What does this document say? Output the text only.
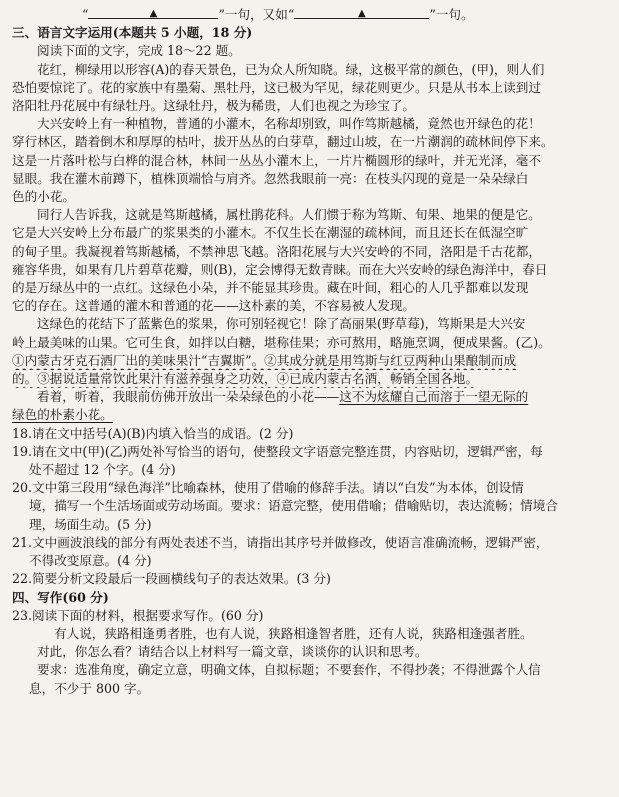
“	▲	”一句，又如“	▲	”一句。
三、语言文字运用(本题共 5 小题，18 分)
阅读下面的文字，完成 18～22 题。
花红，柳绿用以形容(A)的春天景色，已为众人所知晓。绿，这极平常的颜色，(甲)，则人们
恐怕要惊诧了。花的家族中有墨菊、黑牡丹，这已极为罕见，绿花则更少。只是从书本上读到过
洛阳牡丹花展中有绿牡丹。这绿牡丹，极为稀贵，人们也视之为珍宝了。
大兴安岭上有一种植物，普通的小灌木，名称却别致，叫作笃斯越橘，竟然也开绿色的花！
穿行林区，踏着倒木和厚厚的枯叶，拔开丛丛的白芽草，翻过山坡，在一片潮润的疏林间停下来。
这是一片落叶松与白桦的混合林，林间一丛丛小灌木上，一片片椭圆形的绿叶，并无光泽，毫不
显眼。我在灌木前蹲下，植株顶端恰与肩齐。忽然我眼前一亮：在枝头闪现的竟是一朵朵绿白
色的小花。
同行人告诉我，这就是笃斯越橘，属杜鹃花科。人们惯于称为笃斯、旬果、地果的便是它。
它是大兴安岭上分布最广的浆果类的小灌木。不仅生长在潮湿的疏林间，而且还长在低湿空旷
的甸子里。我凝视着笃斯越橘，不禁神思飞越。洛阳花展与大兴安岭的不同，洛阳是千古花都，
雍容华贵，如果有几片碧草花瓣，则(B)，定会博得无数青睐。而在大兴安岭的绿色海洋中，春日
的是万绿丛中的一点红。这绿色小朵，并不能显其珍贵。藏在叶间，粗心的人几乎都难以发现
它的存在。这普通的灌木和普通的花——这朴素的美，不容易被人发现。
这绿色的花结下了蓝紫色的浆果，你可别轻视它！除了高丽果(野草莓)，笃斯果是大兴安
岭上最美味的山果。它可生食，如拌以白糖，堪称佳果；亦可熬用，略施烹调，便成果酱。(乙)。
①内蒙古牙克石酒厂出的美味果汁“吉翼斯”。②其成分就是用笃斯与红豆两种山果酿制而成
的。③据说适量常饮此果汁有滋养强身之功效，④已成内蒙古名酒，畅销全国各地。
看着，听着，我眼前仿佛开放出一朵朵绿色的小花——这不为炫耀自己而溶于一望无际的
绿色的朴素小花。
18.请在文中括号(A)(B)内填入恰当的成语。(2 分)
19.请在文中(甲)(乙)两处补写恰当的语句，使整段文字语意完整连贯，内容贴切，逻辑严密，每
处不超过 12 个字。(4 分)
20.文中第三段用“绿色海洋”比喻森林，使用了借喻的修辞手法。请以“白发”为本体，创设情
境，描写一个生活场面或劳动场面。要求：语意完整，使用借喻；借喻贴切，表达流畅；情境合
理，场面生动。(5 分)
21.文中画波浪线的部分有两处表述不当，请指出其序号并做修改，使语言准确流畅，逻辑严密，
不得改变原意。(4 分)
22.简要分析文段最后一段画横线句子的表达效果。(3 分)
四、写作(60 分)
23.阅读下面的材料，根据要求写作。(60 分)
有人说，狭路相逢勇者胜，也有人说，狭路相逢智者胜，还有人说，狭路相逢强者胜。
对此，你怎么看？请结合以上材料写一篇文章，谈谈你的认识和思考。
要求：选准角度，确定立意，明确文体，自拟标题；不要套作，不得抄袭；不得泄露个人信
息，不少于 800 字。
